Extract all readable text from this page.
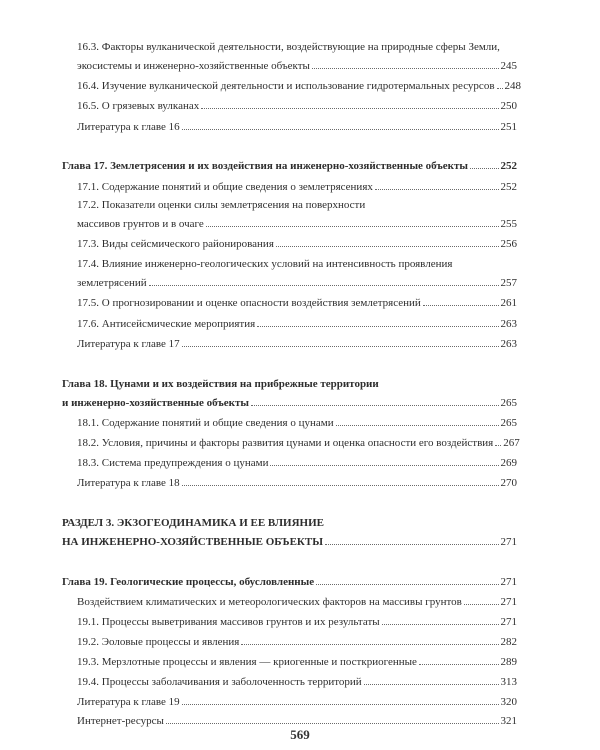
16.3. Факторы вулканической деятельности, воздействующие на природные сферы Земли,
экосистемы и инженерно-хозяйственные объекты	245
16.4. Изучение вулканической деятельности и использование гидротермальных ресурсов 248
16.5. О грязевых вулканах	250
Литература к главе 16	251
Глава 17. Землетрясения и их воздействия на инженерно-хозяйственные объекты	252
17.1. Содержание понятий и общие сведения о землетрясениях	252
17.2. Показатели оценки силы землетрясения на поверхности
массивов грунтов и в очаге	255
17.3. Виды сейсмического районирования	256
17.4. Влияние инженерно-геологических условий на интенсивность проявления
землетрясений	257
17.5. О прогнозировании и оценке опасности воздействия землетрясений	261
17.6. Антисейсмические мероприятия	263
Литература к главе 17	263
Глава 18. Цунами и их воздействия на прибрежные территории
и инженерно-хозяйственные объекты	265
18.1. Содержание понятий и общие сведения о цунами	265
18.2. Условия, причины и факторы развития цунами и оценка опасности его воздействия 267
18.3. Система предупреждения о цунами	269
Литература к главе 18	270
РАЗДЕЛ 3. ЭКЗОГЕОДИНАМИКА И ЕЕ ВЛИЯНИЕ
НА ИНЖЕНЕРНО-ХОЗЯЙСТВЕННЫЕ ОБЪЕКТЫ	271
Глава 19. Геологические процессы, обусловленные	271
Воздействием климатических и метеорологических факторов на массивы грунтов	271
19.1. Процессы выветривания массивов грунтов и их результаты	271
19.2. Эоловые процессы и явления	282
19.3. Мерзлотные процессы и явления — криогенные и посткриогенные	289
19.4. Процессы заболачивания и заболоченность территорий	313
Литература к главе 19	320
Интернет-ресурсы	321
569
